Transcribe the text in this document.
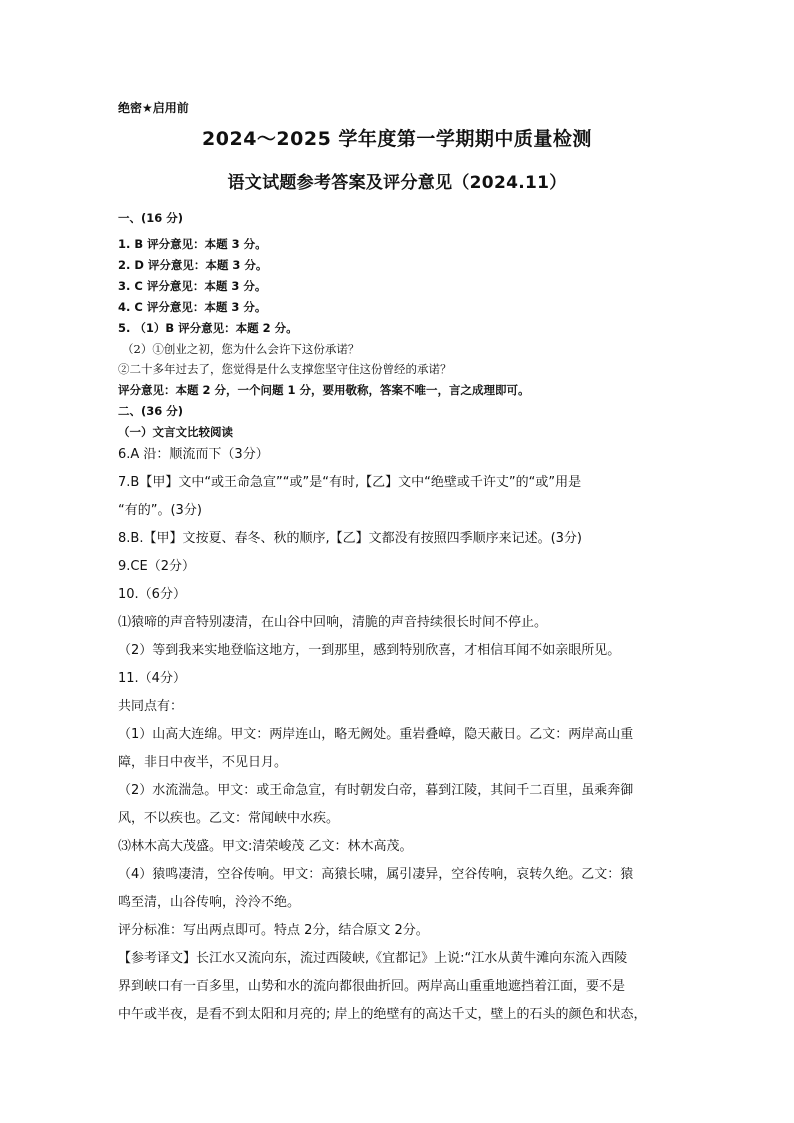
绝密★启用前
2024～2025 学年度第一学期期中质量检测
语文试题参考答案及评分意见（2024.11）
一、(16 分)
1. B 评分意见：本题 3 分。
2. D 评分意见：本题 3 分。
3. C 评分意见：本题 3 分。
4. C 评分意见：本题 3 分。
5. （1）B 评分意见：本题 2 分。
（2）①创业之初，您为什么会许下这份承诺？
②二十多年过去了，您觉得是什么支撑您坚守住这份曾经的承诺？
评分意见：本题 2 分，一个问题 1 分，要用敬称，答案不唯一，言之成理即可。
二、(36 分)
（一）文言文比较阅读
6.A 沿：顺流而下（3分）
7.B【甲】文中“或王命急宣”“或”是“有时,【乙】文中“绝壁或千许丈”的“或”用是
“有的”。(3分)
8.B.【甲】文按夏、春冬、秋的顺序,【乙】文都没有按照四季顺序来记述。(3分)
9.CE（2分）
10.（6分）
⑴猿啼的声音特别凄清，在山谷中回响，清脆的声音持续很长时间不停止。
（2）等到我来实地登临这地方，一到那里，感到特别欣喜，才相信耳闻不如亲眼所见。
11.（4分）
共同点有：
（1）山高大连绵。甲文：两岸连山，略无阙处。重岩叠嶂，隐天蔽日。乙文：两岸高山重
障，非日中夜半，不见日月。
（2）水流湍急。甲文：或王命急宣，有时朝发白帝，暮到江陵，其间千二百里，虽乘奔御
风，不以疾也。乙文：常闻峡中水疾。
⑶林木高大茂盛。甲文:清荣峻茂 乙文：林木高茂。
（4）猿鸣凄清，空谷传响。甲文：高猿长啸，属引凄异，空谷传响，哀转久绝。乙文：猿
鸣至清，山谷传响，泠泠不绝。
评分标准：写出两点即可。特点 2分，结合原文 2分。
【参考译文】长江水又流向东，流过西陵峡,《宜都记》上说:“江水从黄牛滩向东流入西陵
界到峡口有一百多里，山势和水的流向都很曲折回。两岸高山重重地遮挡着江面，要不是
中午或半夜，是看不到太阳和月亮的; 岸上的绝壁有的高达千丈，壁上的石头的颜色和状态，
